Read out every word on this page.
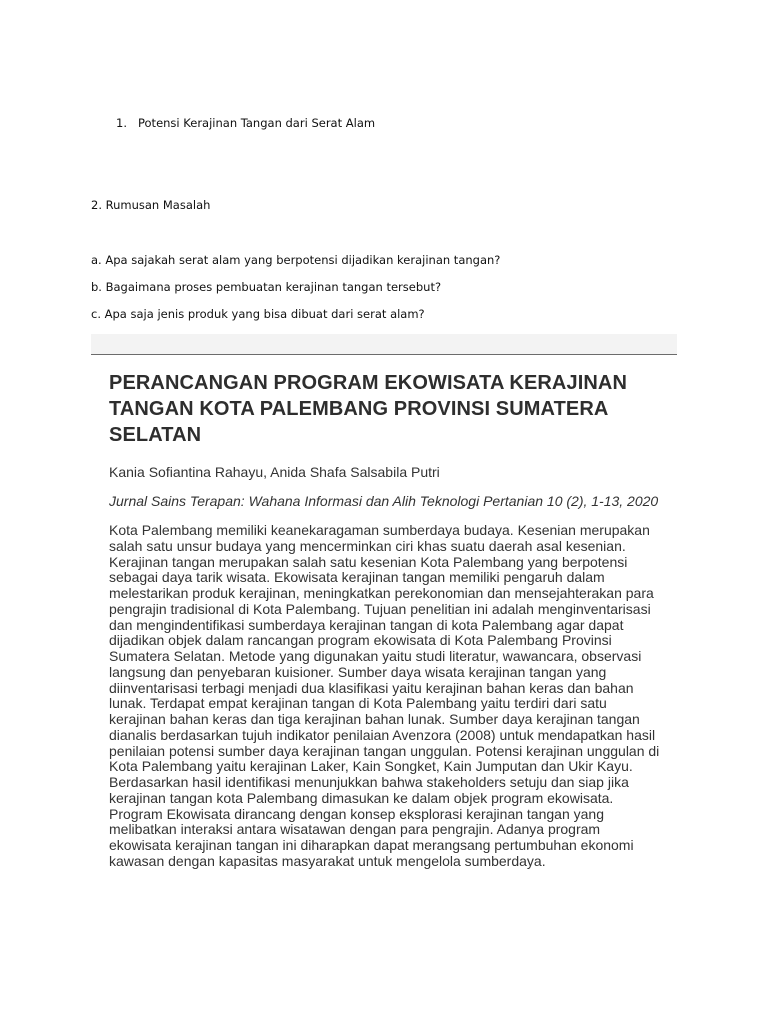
1. Potensi Kerajinan Tangan dari Serat Alam
2. Rumusan Masalah
a. Apa sajakah serat alam yang berpotensi dijadikan kerajinan tangan?
b. Bagaimana proses pembuatan kerajinan tangan tersebut?
c. Apa saja jenis produk yang bisa dibuat dari serat alam?
PERANCANGAN PROGRAM EKOWISATA KERAJINAN TANGAN KOTA PALEMBANG PROVINSI SUMATERA SELATAN

Kania Sofiantina Rahayu, Anida Shafa Salsabila Putri

Jurnal Sains Terapan: Wahana Informasi dan Alih Teknologi Pertanian 10 (2), 1-13, 2020

Kota Palembang memiliki keanekaragaman sumberdaya budaya. Kesenian merupakan salah satu unsur budaya yang mencerminkan ciri khas suatu daerah asal kesenian. Kerajinan tangan merupakan salah satu kesenian Kota Palembang yang berpotensi sebagai daya tarik wisata. Ekowisata kerajinan tangan memiliki pengaruh dalam melestarikan produk kerajinan, meningkatkan perekonomian dan mensejahterakan para pengrajin tradisional di Kota Palembang. Tujuan penelitian ini adalah menginventarisasi dan mengindentifikasi sumberdaya kerajinan tangan di kota Palembang agar dapat dijadikan objek dalam rancangan program ekowisata di Kota Palembang Provinsi Sumatera Selatan. Metode yang digunakan yaitu studi literatur, wawancara, observasi langsung dan penyebaran kuisioner. Sumber daya wisata kerajinan tangan yang diinventarisasi terbagi menjadi dua klasifikasi yaitu kerajinan bahan keras dan bahan lunak. Terdapat empat kerajinan tangan di Kota Palembang yaitu terdiri dari satu kerajinan bahan keras dan tiga kerajinan bahan lunak. Sumber daya kerajinan tangan dianalis berdasarkan tujuh indikator penilaian Avenzora (2008) untuk mendapatkan hasil penilaian potensi sumber daya kerajinan tangan unggulan. Potensi kerajinan unggulan di Kota Palembang yaitu kerajinan Laker, Kain Songket, Kain Jumputan dan Ukir Kayu. Berdasarkan hasil identifikasi menunjukkan bahwa stakeholders setuju dan siap jika kerajinan tangan kota Palembang dimasukan ke dalam objek program ekowisata. Program Ekowisata dirancang dengan konsep eksplorasi kerajinan tangan yang melibatkan interaksi antara wisatawan dengan para pengrajin. Adanya program ekowisata kerajinan tangan ini diharapkan dapat merangsang pertumbuhan ekonomi kawasan dengan kapasitas masyarakat untuk mengelola sumberdaya.
